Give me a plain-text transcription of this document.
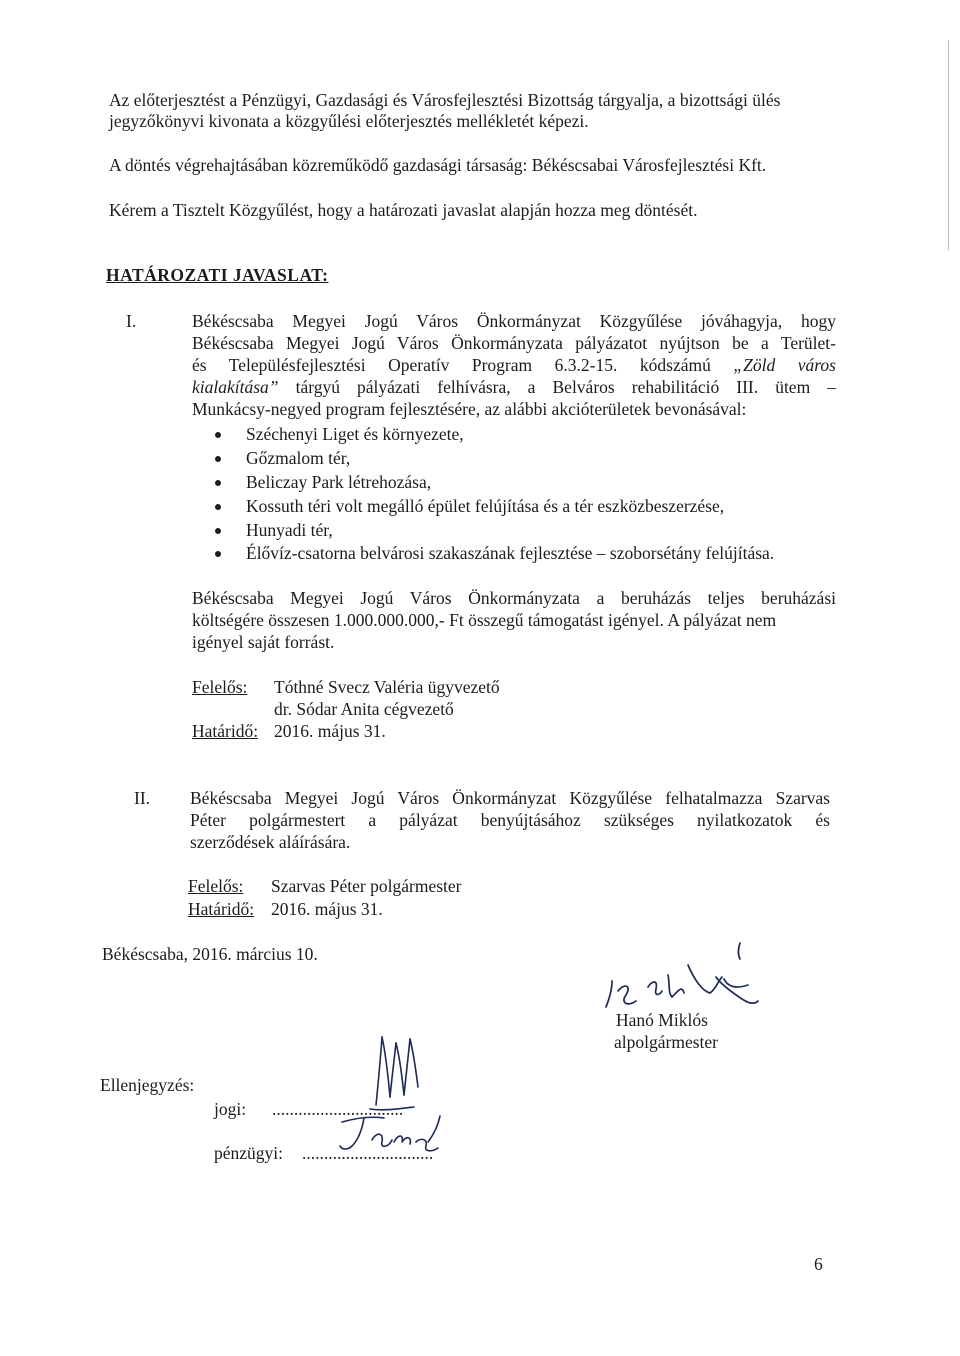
Az előterjesztést a Pénzügyi, Gazdasági és Városfejlesztési Bizottság tárgyalja, a bizottsági ülés
jegyzőkönyvi kivonata a közgyűlési előterjesztés mellékletét képezi.
A döntés végrehajtásában közreműködő gazdasági társaság: Békéscsabai Városfejlesztési Kft.
Kérem a Tisztelt Közgyűlést, hogy a határozati javaslat alapján hozza meg döntését.
HATÁROZATI JAVASLAT:
I.	Békéscsaba Megyei Jogú Város Önkormányzat Közgyűlése jóváhagyja, hogy
Békéscsaba Megyei Jogú Város Önkormányzata pályázatot nyújtson be a Terület-
és Településfejlesztési Operatív Program 6.3.2-15. kódszámú „Zöld város
kialakítása” tárgyú pályázati felhívásra, a Belváros rehabilitáció III. ütem –
Munkácsy-negyed program fejlesztésére, az alábbi akcióterületek bevonásával:
Széchenyi Liget és környezete,
Gőzmalom tér,
Beliczay Park létrehozása,
Kossuth téri volt megálló épület felújítása és a tér eszközbeszerzése,
Hunyadi tér,
Élővíz-csatorna belvárosi szakaszának fejlesztése – szoborsétány felújítása.
Békéscsaba Megyei Jogú Város Önkormányzata a beruházás teljes beruházási
költségére összesen 1.000.000.000,- Ft összegű támogatást igényel. A pályázat nem
igényel saját forrást.
Felelős: Tóthné Svecz Valéria ügyvezető
dr. Sódar Anita cégvezető
Határidő: 2016. május 31.
II. Békéscsaba Megyei Jogú Város Önkormányzat Közgyűlése felhatalmazza Szarvas
Péter polgármestert a pályázat benyújtásához szükséges nyilatkozatok és
szerződések aláírására.
Felelős: Szarvas Péter polgármester
Határidő: 2016. május 31.
Békéscsaba, 2016. március 10.
Hanó Miklós
alpolgármester
Ellenjegyzés:
jogi: ..............................
pénzügyi: ..............................
6
